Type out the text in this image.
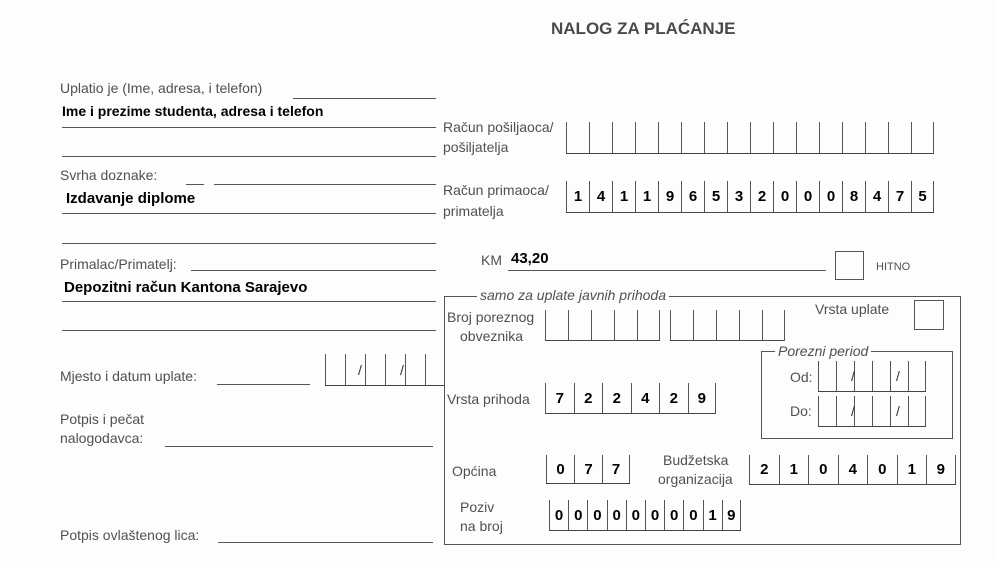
NALOG ZA PLAĆANJE
Uplatio je (Ime, adresa, i telefon)
Ime i prezime studenta, adresa i telefon
Svrha doznake:
Izdavanje diplome
Primalac/Primatelj:
Depozitni račun Kantona Sarajevo
Mjesto i datum uplate:	/	/
Potpis i pečat
nalogodavca:
Potpis ovlaštenog lica:
Račun pošiljaoca/
pošiljatelja
Račun primaoca/
primatelja
1 4 1 1 9 6 5 3 2 0 0 0 8 4 7 5
KM 43,20	HITNO
samo za uplate javnih prihoda
Broj poreznog
obveznika
Vrsta uplate
Porezni period
Od:	/	/
Do:	/	/
Vrsta prihoda	7	2	2	4	2	9
Općina	0	7	7
Budžetska
organizacija
2	1	0	4	0	1	9
Poziv
na broj
0 0 0 0 0 0 0 0 1 9
